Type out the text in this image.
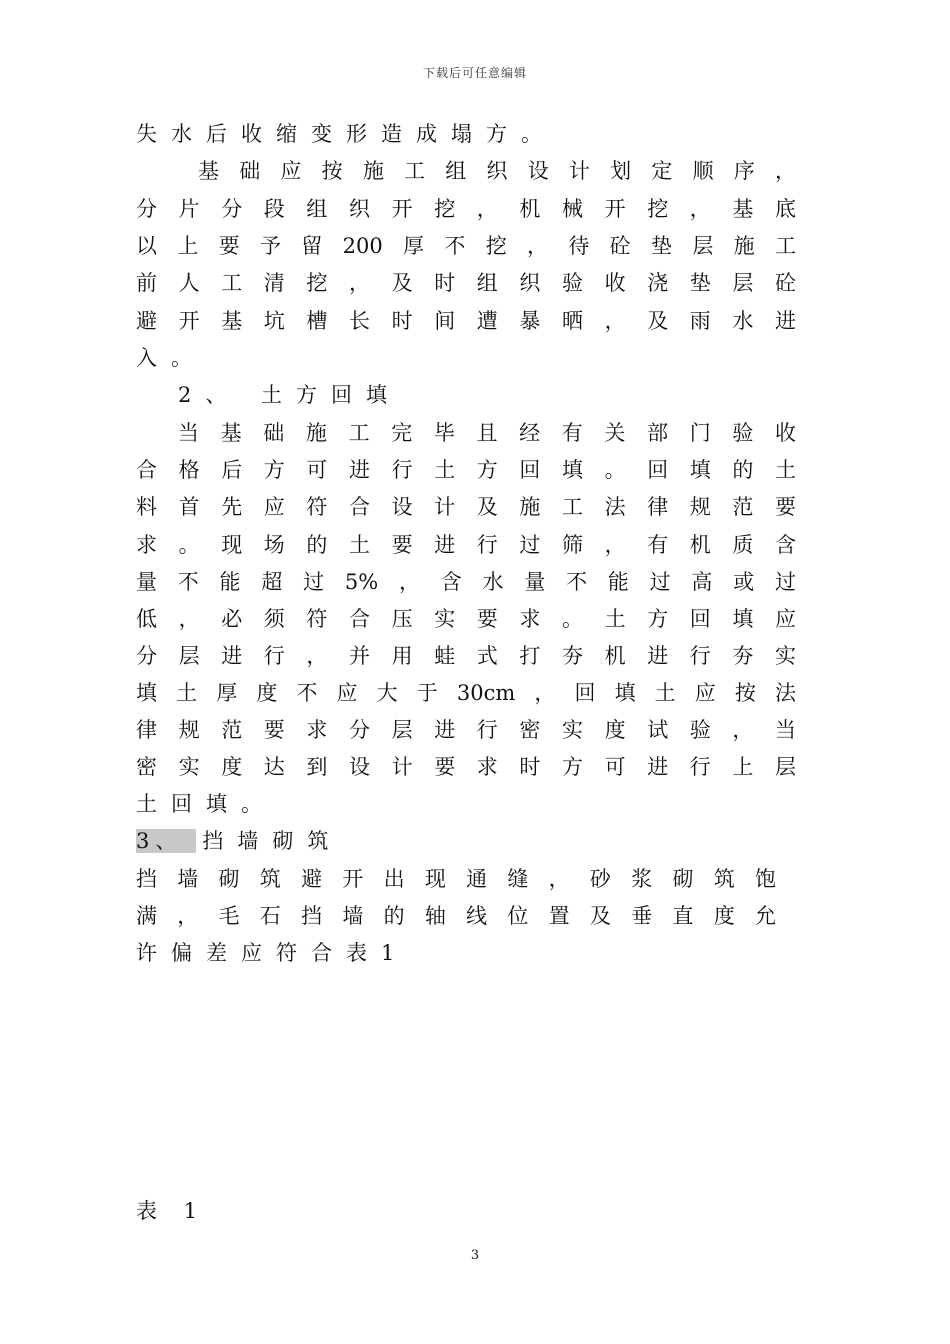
下载后可任意编辑
失水后收缩变形造成塌方。
基础应按施工组织设计划定顺序，
分片分段组织开挖，机械开挖，基底
以上要予留200厚不挖，待砼垫层施工
前人工清挖，及时组织验收浇垫层砼
避开基坑槽长时间遭暴晒，及雨水进
入。
2、 土方回填
当基础施工完毕且经有关部门验收
合格后方可进行土方回填。回填的土
料首先应符合设计及施工法律规范要
求。现场的土要进行过筛，有机质含
量不能超过5%，含水量不能过高或过
低，必须符合压实要求。土方回填应
分层进行，并用蛙式打夯机进行夯实
填土厚度不应大于30cm，回填土应按法
律规范要求分层进行密实度试验，当
密实度达到设计要求时方可进行上层
土回填。
3、 挡墙砌筑
挡墙砌筑避开出现通缝，砂浆砌筑饱
满，毛石挡墙的轴线位置及垂直度允
许偏差应符合表1
表 1
3
